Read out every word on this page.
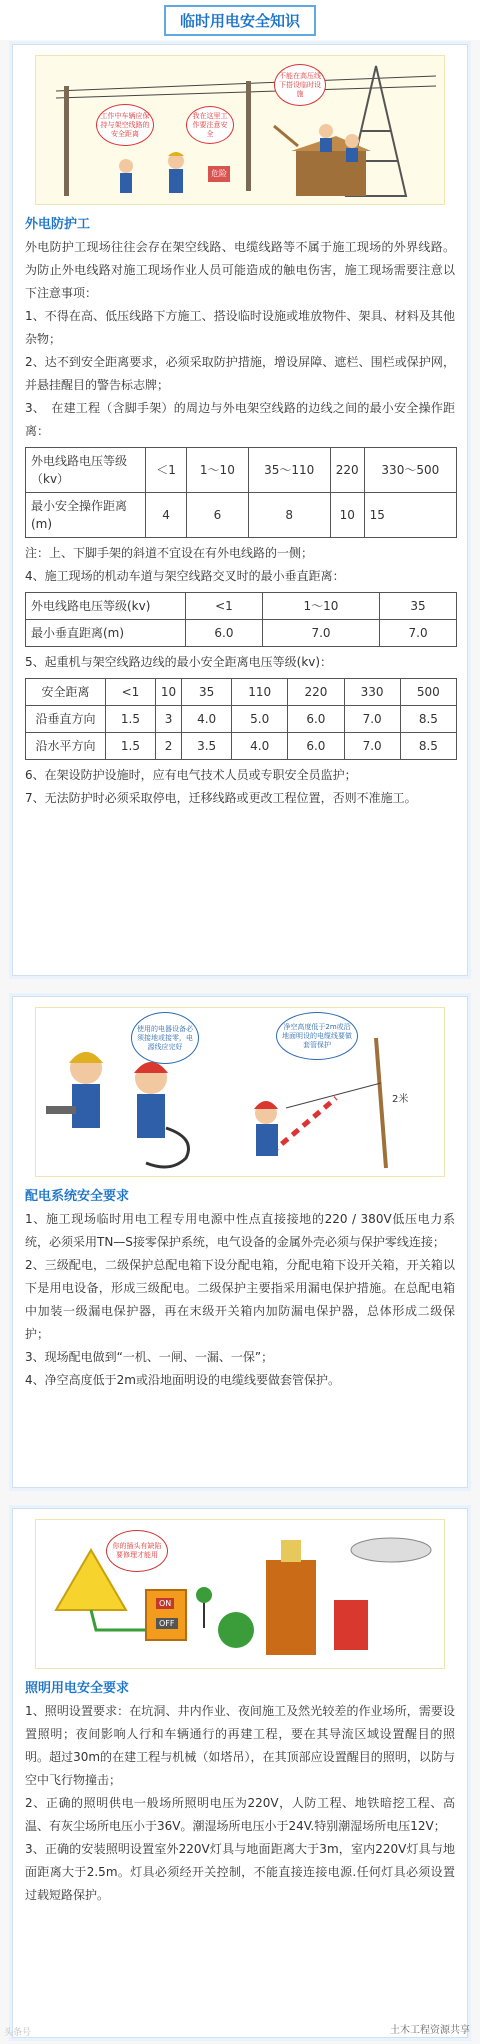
临时用电安全知识
工作中车辆应保持与架空线路的安全距离
我在这里工作要注意安全
不能在高压线下搭设临时设施
危险
外电防护工

外电防护工现场往往会存在架空线路、电缆线路等不属于施工现场的外界线路。为防止外电线路对施工现场作业人员可能造成的触电伤害，施工现场需要注意以下注意事项：

1、不得在高、低压线路下方施工、搭设临时设施或堆放物件、架具、材料及其他杂物；

2、达不到安全距离要求，必须采取防护措施，增设屏障、遮栏、围栏或保护网，并悬挂醒目的警告标志牌；

3、　在建工程（含脚手架）的周边与外电架空线路的边线之间的最小安全操作距离：

外电线路电压等级（kv）	＜1	1～10	35～110	220	330～500
最小安全操作距离(m)	4	6	8	10	15

注：上、下脚手架的斜道不宜设在有外电线路的一侧；

4、施工现场的机动车道与架空线路交叉时的最小垂直距离：

外电线路电压等级(kv)	<1	1～10	35
最小垂直距离(m)	6.0	7.0	7.0

5、起重机与架空线路边线的最小安全距离电压等级(kv)：

安全距离	<1	10	35	110	220	330	500
沿垂直方向	1.5	3	4.0	5.0	6.0	7.0	8.5
沿水平方向	1.5	2	3.5	4.0	6.0	7.0	8.5

6、在架设防护设施时，应有电气技术人员或专职安全员监护；

7、无法防护时必须采取停电，迁移线路或更改工程位置，否则不准施工。

使用的电器设备必须接地或接零，电源线应完好
净空高度低于2m或沿地面明设的电缆线要做套管保护
2米
配电系统安全要求

1、施工现场临时用电工程专用电源中性点直接接地的220 / 380V低压电力系统，必须采用TN—S接零保护系统，电气设备的金属外壳必须与保护零线连接；

2、三级配电，二级保护总配电箱下设分配电箱，分配电箱下设开关箱，开关箱以下是用电设备，形成三级配电。二级保护主要指采用漏电保护措施。在总配电箱中加装一级漏电保护器，再在末级开关箱内加防漏电保护器，总体形成二级保护；

3、现场配电做到“一机、一闸、一漏、一保”；

4、净空高度低于2m或沿地面明设的电缆线要做套管保护。

你的插头有缺陷要修理才能用
ON
OFF
照明用电安全要求

1、照明设置要求：在坑洞、井内作业、夜间施工及然光较差的作业场所，需要设置照明；夜间影响人行和车辆通行的再建工程，要在其导流区域设置醒目的照明。超过30m的在建工程与机械（如塔吊），在其顶部应设置醒目的照明，以防与空中飞行物撞击；

2、正确的照明供电一般场所照明电压为220V，人防工程、地铁暗挖工程、高温、有灰尘场所电压小于36V。潮湿场所电压小于24V.特别潮湿场所电压12V；

3、正确的安装照明设置室外220V灯具与地面距离大于3m，室内220V灯具与地面距离大于2.5m。灯具必须经开关控制，不能直接连接电源.任何灯具必须设置过载短路保护。

土木工程资源共享
头条号
